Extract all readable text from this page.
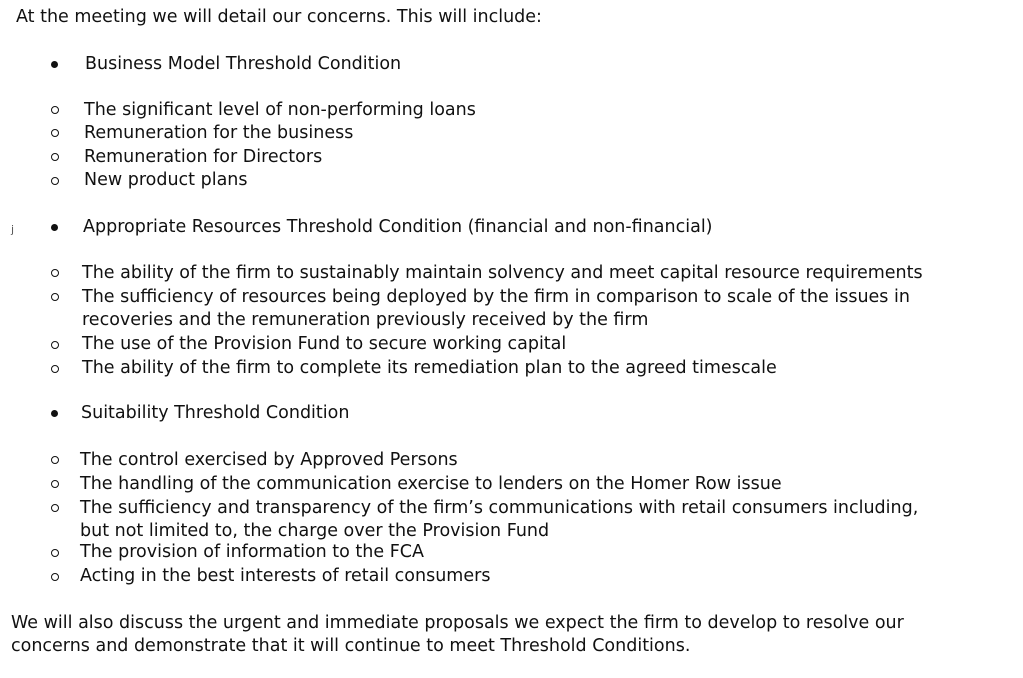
At the meeting we will detail our concerns. This will include:
Business Model Threshold Condition
The significant level of non-performing loans
Remuneration for the business
Remuneration for Directors
New product plans
j	Appropriate Resources Threshold Condition (financial and non-financial)
The ability of the firm to sustainably maintain solvency and meet capital resource requirements
The sufficiency of resources being deployed by the firm in comparison to scale of the issues in
recoveries and the remuneration previously received by the firm
The use of the Provision Fund to secure working capital
The ability of the firm to complete its remediation plan to the agreed timescale
Suitability Threshold Condition
The control exercised by Approved Persons
The handling of the communication exercise to lenders on the Homer Row issue
The sufficiency and transparency of the firm’s communications with retail consumers including,
but not limited to, the charge over the Provision Fund
The provision of information to the FCA
Acting in the best interests of retail consumers
We will also discuss the urgent and immediate proposals we expect the firm to develop to resolve our
concerns and demonstrate that it will continue to meet Threshold Conditions.
